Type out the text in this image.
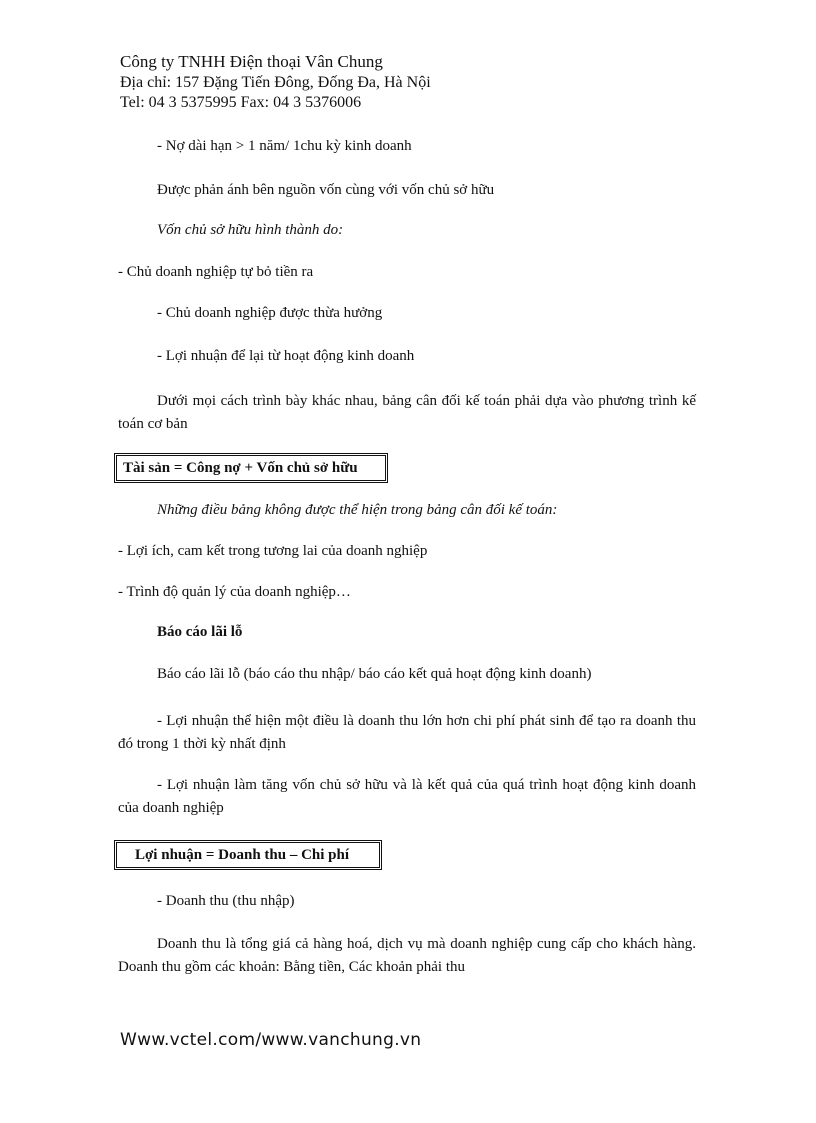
Công ty TNHH Điện thoại Vân Chung
Địa chỉ: 157 Đặng Tiến Đông, Đống Đa, Hà Nội
Tel: 04 3 5375995 Fax: 04 3 5376006
- Nợ dài hạn > 1 năm/ 1chu kỳ kinh doanh
Được phản ánh bên nguồn vốn cùng với vốn chủ sở hữu
Vốn chủ sở hữu hình thành do:
- Chủ doanh nghiệp tự bỏ tiền ra
- Chủ doanh nghiệp được thừa hưởng
- Lợi nhuận để lại từ hoạt động kinh doanh
Dưới mọi cách trình bày khác nhau, bảng cân đối kế toán phải dựa vào phương trình kế toán cơ bản
Tài sản = Công nợ + Vốn chủ sở hữu
Những điều bảng không được thể hiện trong bảng cân đối kế toán:
- Lợi ích, cam kết trong tương lai của doanh nghiệp
- Trình độ quản lý của doanh nghiệp…
Báo cáo lãi lỗ
Báo cáo lãi lỗ (báo cáo thu nhập/ báo cáo kết quả hoạt động kinh doanh)
- Lợi nhuận thể hiện một điều là doanh thu lớn hơn chi phí phát sinh để tạo ra doanh thu đó trong 1 thời kỳ nhất định
- Lợi nhuận làm tăng vốn chủ sở hữu và là kết quả của quá trình hoạt động kinh doanh của doanh nghiệp
Lợi nhuận = Doanh thu – Chi phí
- Doanh thu (thu nhập)
Doanh thu là tổng giá cả hàng hoá, dịch vụ mà doanh nghiệp cung cấp cho khách hàng. Doanh thu gồm các khoản: Bằng tiền, Các khoản phải thu
Www.vctel.com/www.vanchung.vn
